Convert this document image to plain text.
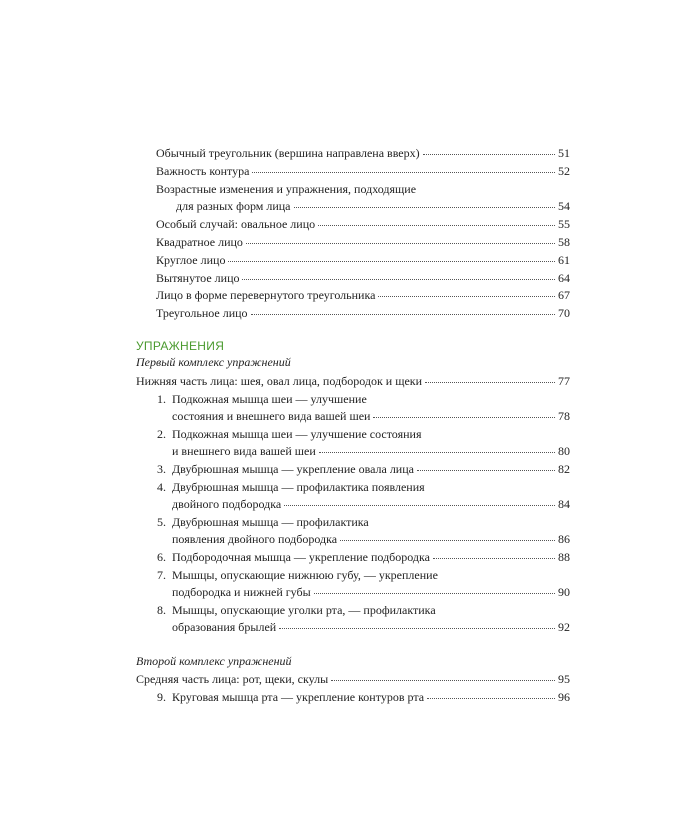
Обычный треугольник (вершина направлена вверх)	51
Важность контура	52
Возрастные изменения и упражнения, подходящие
для разных форм лица	54
Особый случай: овальное лицо	55
Квадратное лицо	58
Круглое лицо	61
Вытянутое лицо	64
Лицо в форме перевернутого треугольника	67
Треугольное лицо	70
УПРАЖНЕНИЯ
Первый комплекс упражнений
Нижняя часть лица: шея, овал лица, подбородок и щеки	77
1. Подкожная мышца шеи — улучшение
состояния и внешнего вида вашей шеи	78
2. Подкожная мышца шеи — улучшение состояния
и внешнего вида вашей шеи	80
3. Двубрюшная мышца — укрепление овала лица	82
4. Двубрюшная мышца — профилактика появления
двойного подбородка	84
5. Двубрюшная мышца — профилактика
появления двойного подбородка	86
6. Подбородочная мышца — укрепление подбородка	88
7. Мышцы, опускающие нижнюю губу, — укрепление
подбородка и нижней губы	90
8. Мышцы, опускающие уголки рта, — профилактика
образования брылей	92
Второй комплекс упражнений
Средняя часть лица: рот, щеки, скулы	95
9. Круговая мышца рта — укрепление контуров рта	96
